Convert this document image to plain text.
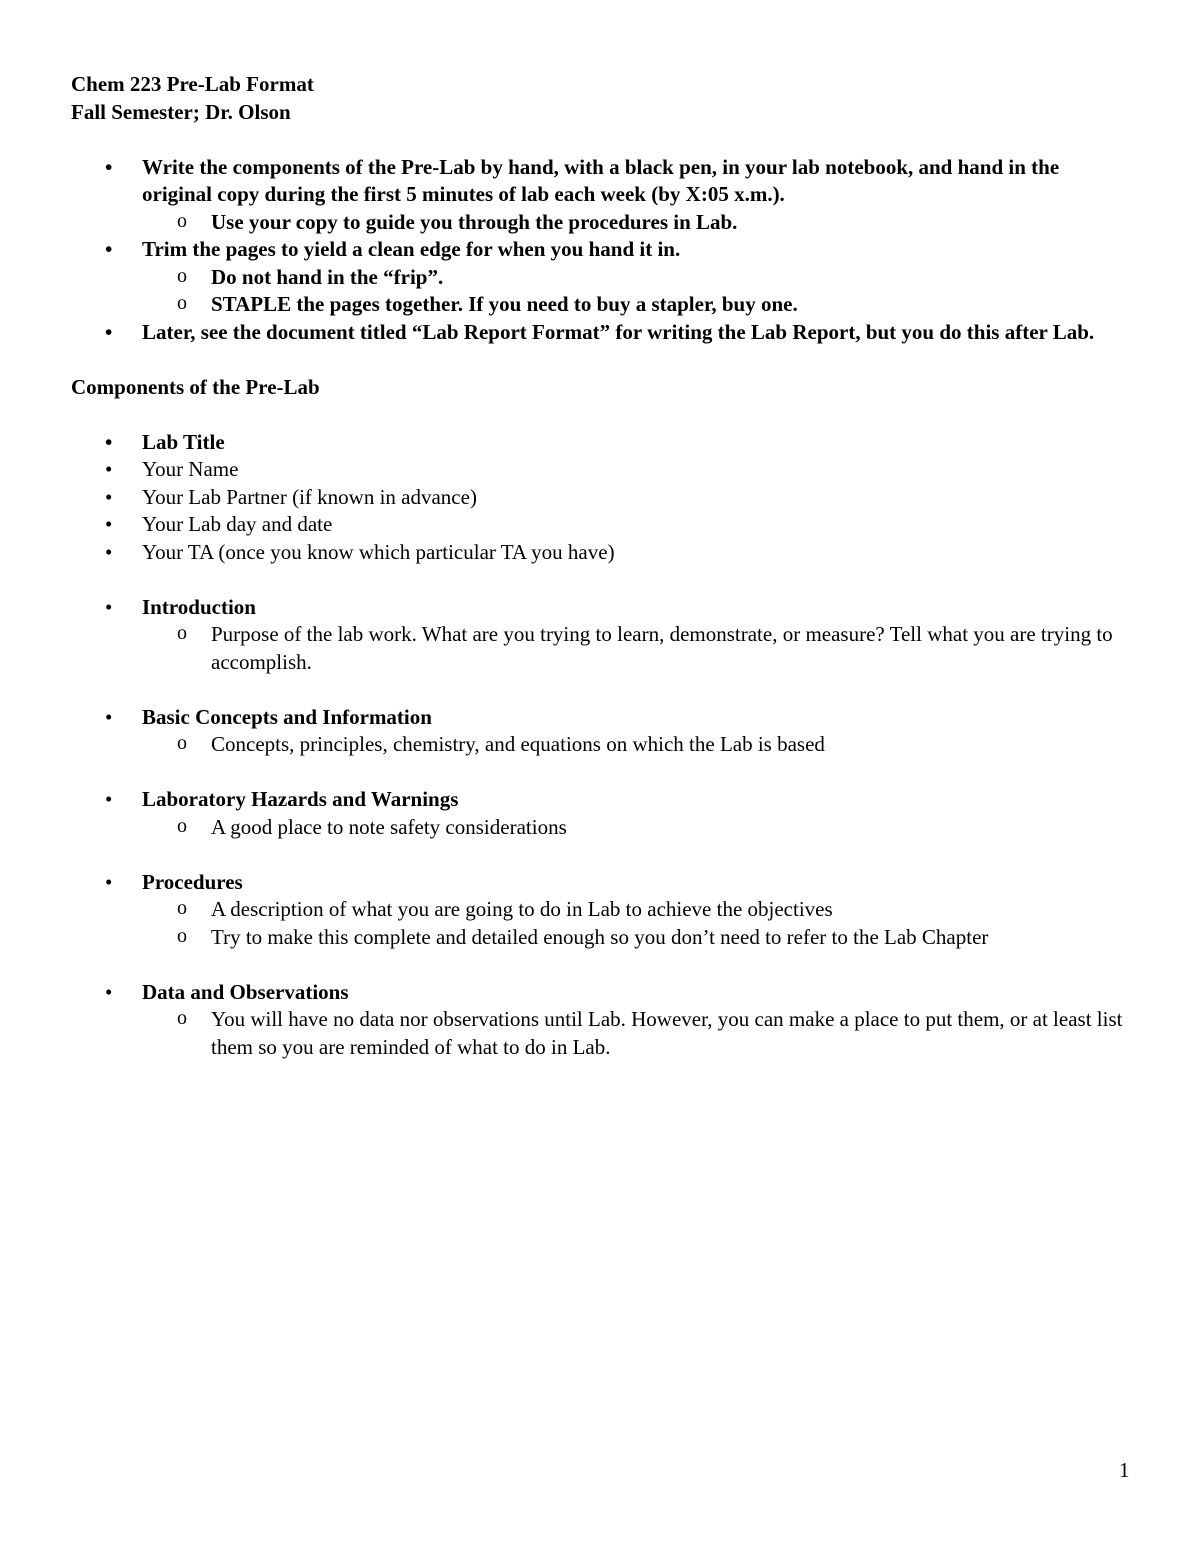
Chem 223 Pre-Lab Format
Fall Semester; Dr. Olson
• Write the components of the Pre-Lab by hand, with a black pen, in your lab notebook, and hand in the original copy during the first 5 minutes of lab each week (by X:05 x.m.).
o Use your copy to guide you through the procedures in Lab.
• Trim the pages to yield a clean edge for when you hand it in.
o Do not hand in the “frip”.
o STAPLE the pages together. If you need to buy a stapler, buy one.
• Later, see the document titled “Lab Report Format” for writing the Lab Report, but you do this after Lab.
Components of the Pre-Lab
• Lab Title
• Your Name
• Your Lab Partner (if known in advance)
• Your Lab day and date
• Your TA (once you know which particular TA you have)
• Introduction
o Purpose of the lab work. What are you trying to learn, demonstrate, or measure? Tell what you are trying to accomplish.
• Basic Concepts and Information
o Concepts, principles, chemistry, and equations on which the Lab is based
• Laboratory Hazards and Warnings
o A good place to note safety considerations
• Procedures
o A description of what you are going to do in Lab to achieve the objectives
o Try to make this complete and detailed enough so you don’t need to refer to the Lab Chapter
• Data and Observations
o You will have no data nor observations until Lab. However, you can make a place to put them, or at least list them so you are reminded of what to do in Lab.
1
